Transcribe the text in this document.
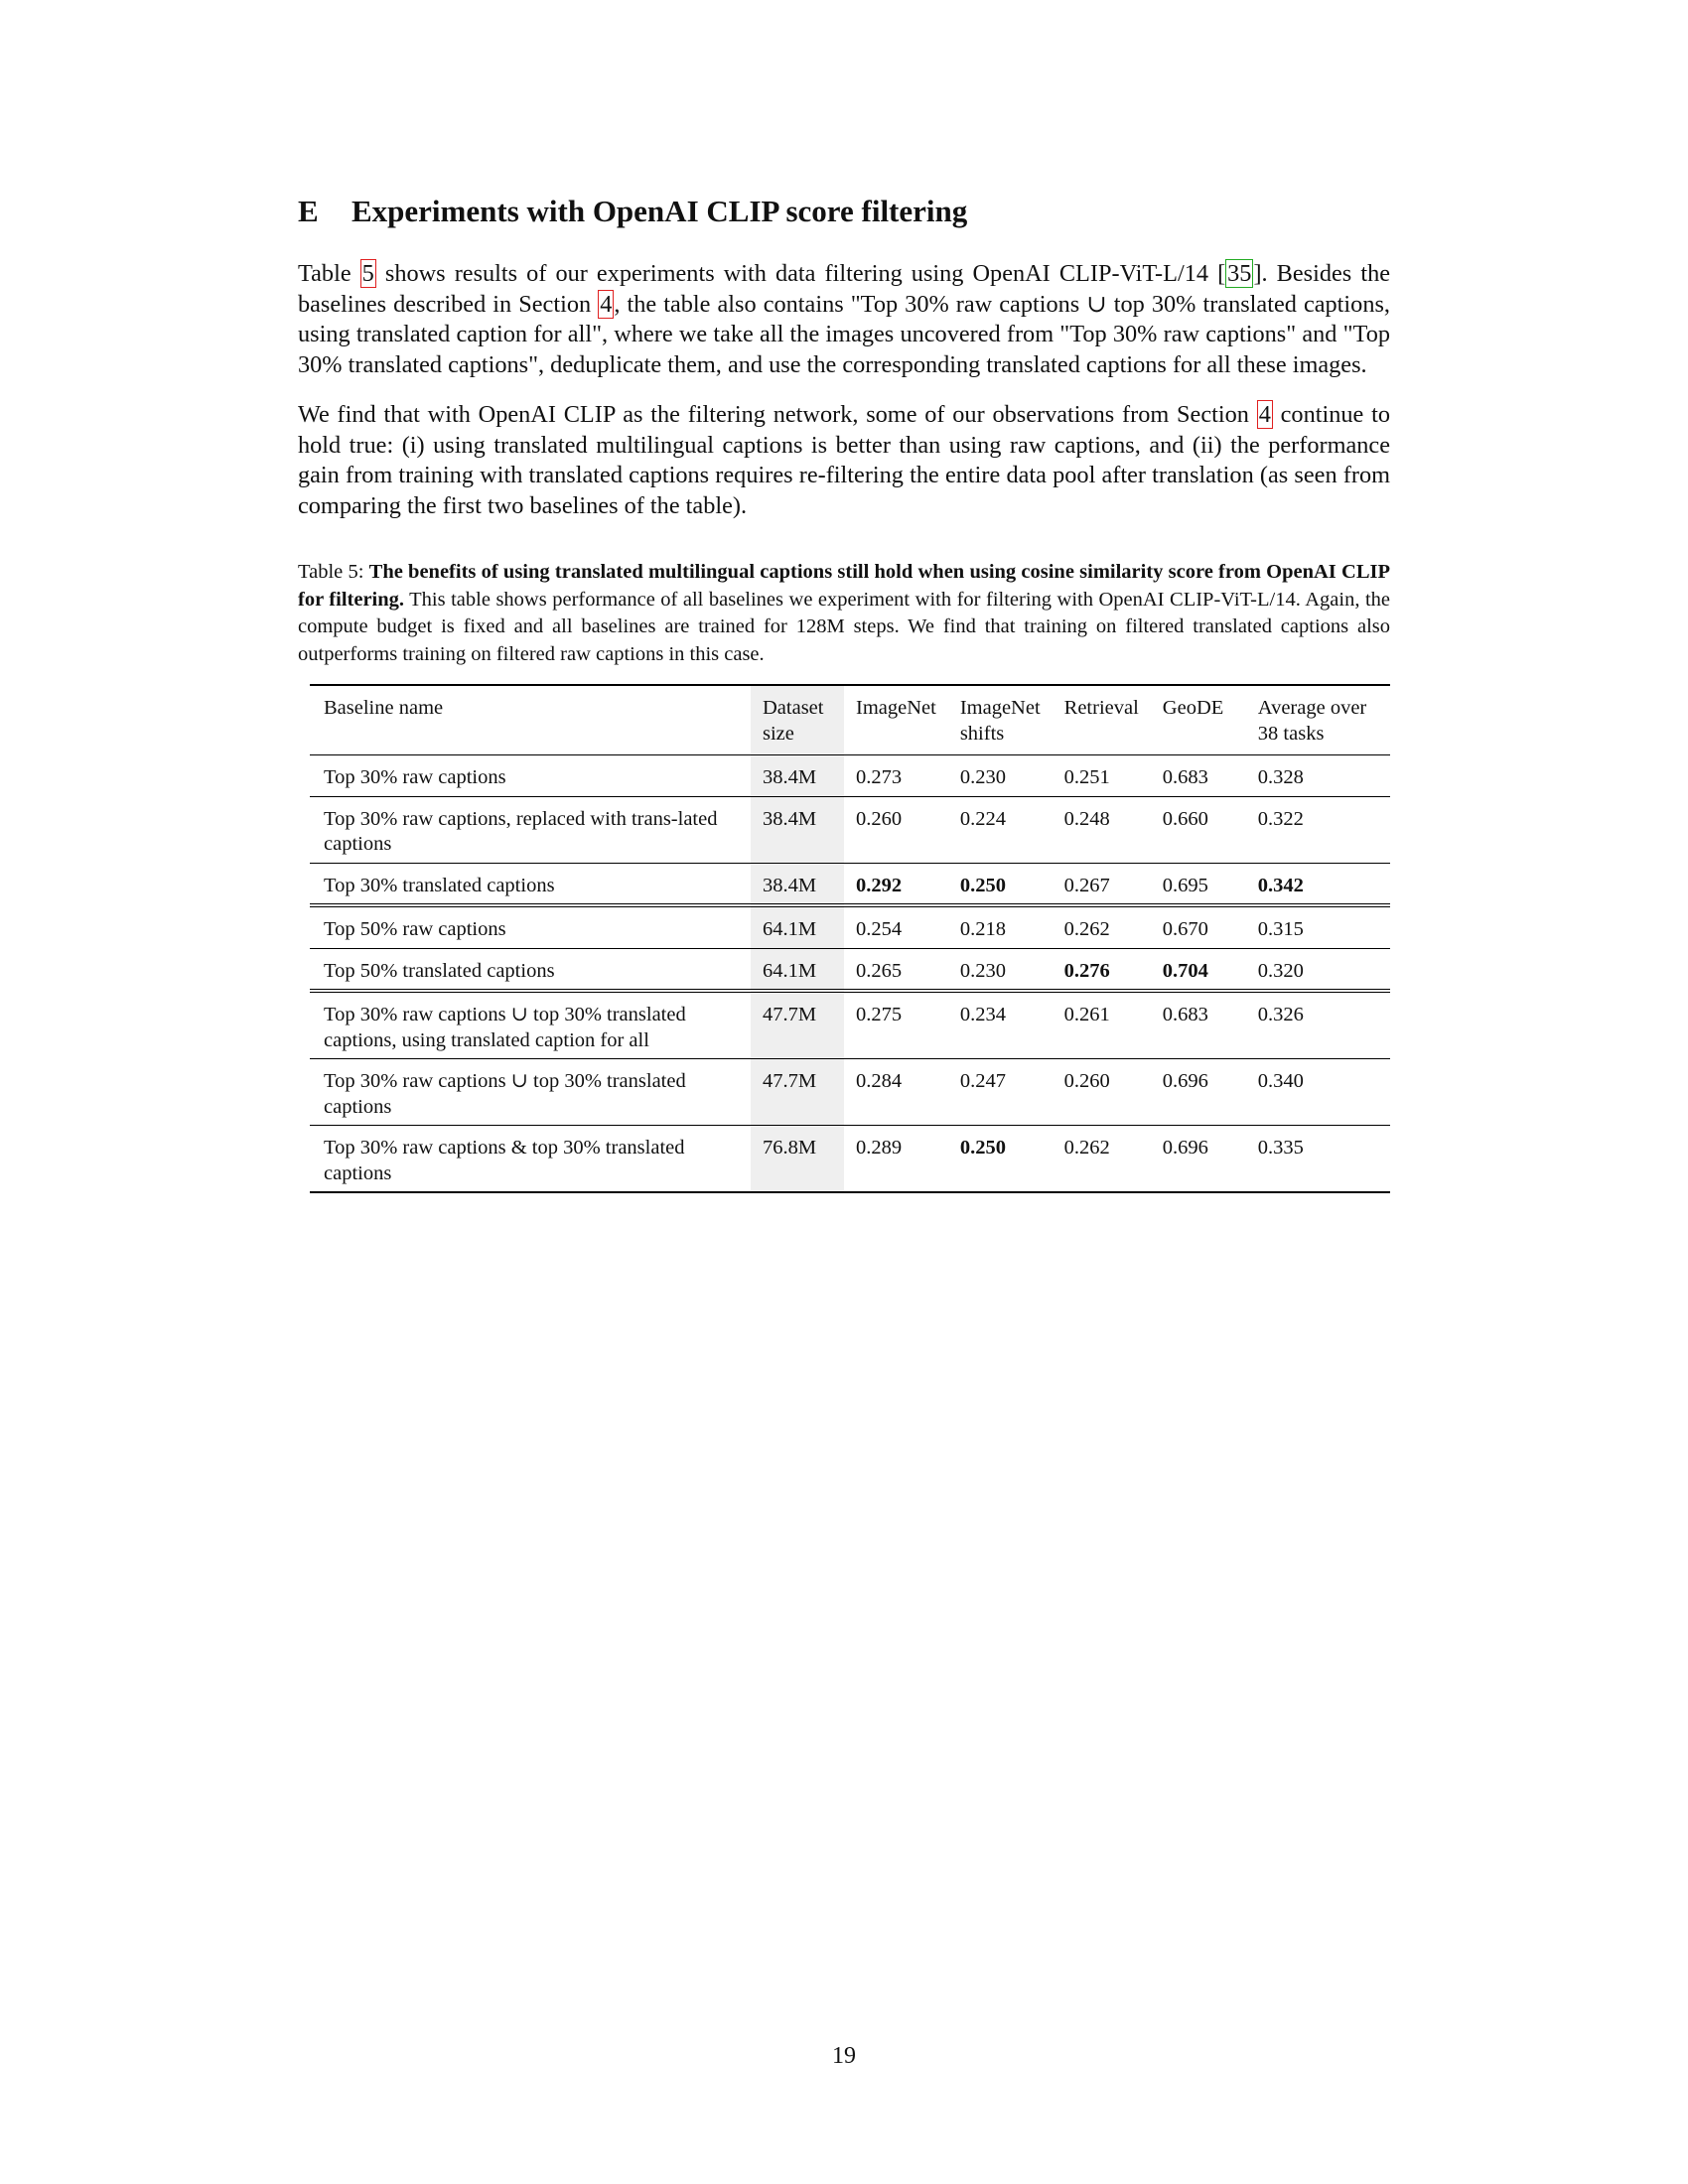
E Experiments with OpenAI CLIP score filtering

Table 5 shows results of our experiments with data filtering using OpenAI CLIP-ViT-L/14 [35]. Besides the baselines described in Section 4, the table also contains "Top 30% raw captions ∪ top 30% translated captions, using translated caption for all", where we take all the images uncovered from "Top 30% raw captions" and "Top 30% translated captions", deduplicate them, and use the corresponding translated captions for all these images.

We find that with OpenAI CLIP as the filtering network, some of our observations from Section 4 continue to hold true: (i) using translated multilingual captions is better than using raw captions, and (ii) the performance gain from training with translated captions requires re-filtering the entire data pool after translation (as seen from comparing the first two baselines of the table).

Table 5: The benefits of using translated multilingual captions still hold when using cosine similarity score from OpenAI CLIP for filtering. This table shows performance of all baselines we experiment with for filtering with OpenAI CLIP-ViT-L/14. Again, the compute budget is fixed and all baselines are trained for 128M steps. We find that training on filtered translated captions also outperforms training on filtered raw captions in this case.
Baseline name	Dataset size	ImageNet	ImageNet shifts	Retrieval	GeoDE	Average over 38 tasks
Top 30% raw captions	38.4M	0.273	0.230	0.251	0.683	0.328
Top 30% raw captions, replaced with trans-lated captions	38.4M	0.260	0.224	0.248	0.660	0.322
Top 30% translated captions	38.4M	0.292	0.250	0.267	0.695	0.342
Top 50% raw captions	64.1M	0.254	0.218	0.262	0.670	0.315
Top 50% translated captions	64.1M	0.265	0.230	0.276	0.704	0.320
Top 30% raw captions ∪ top 30% translated captions, using translated caption for all	47.7M	0.275	0.234	0.261	0.683	0.326
Top 30% raw captions ∪ top 30% translated captions	47.7M	0.284	0.247	0.260	0.696	0.340
Top 30% raw captions & top 30% translated captions	76.8M	0.289	0.250	0.262	0.696	0.335
19
